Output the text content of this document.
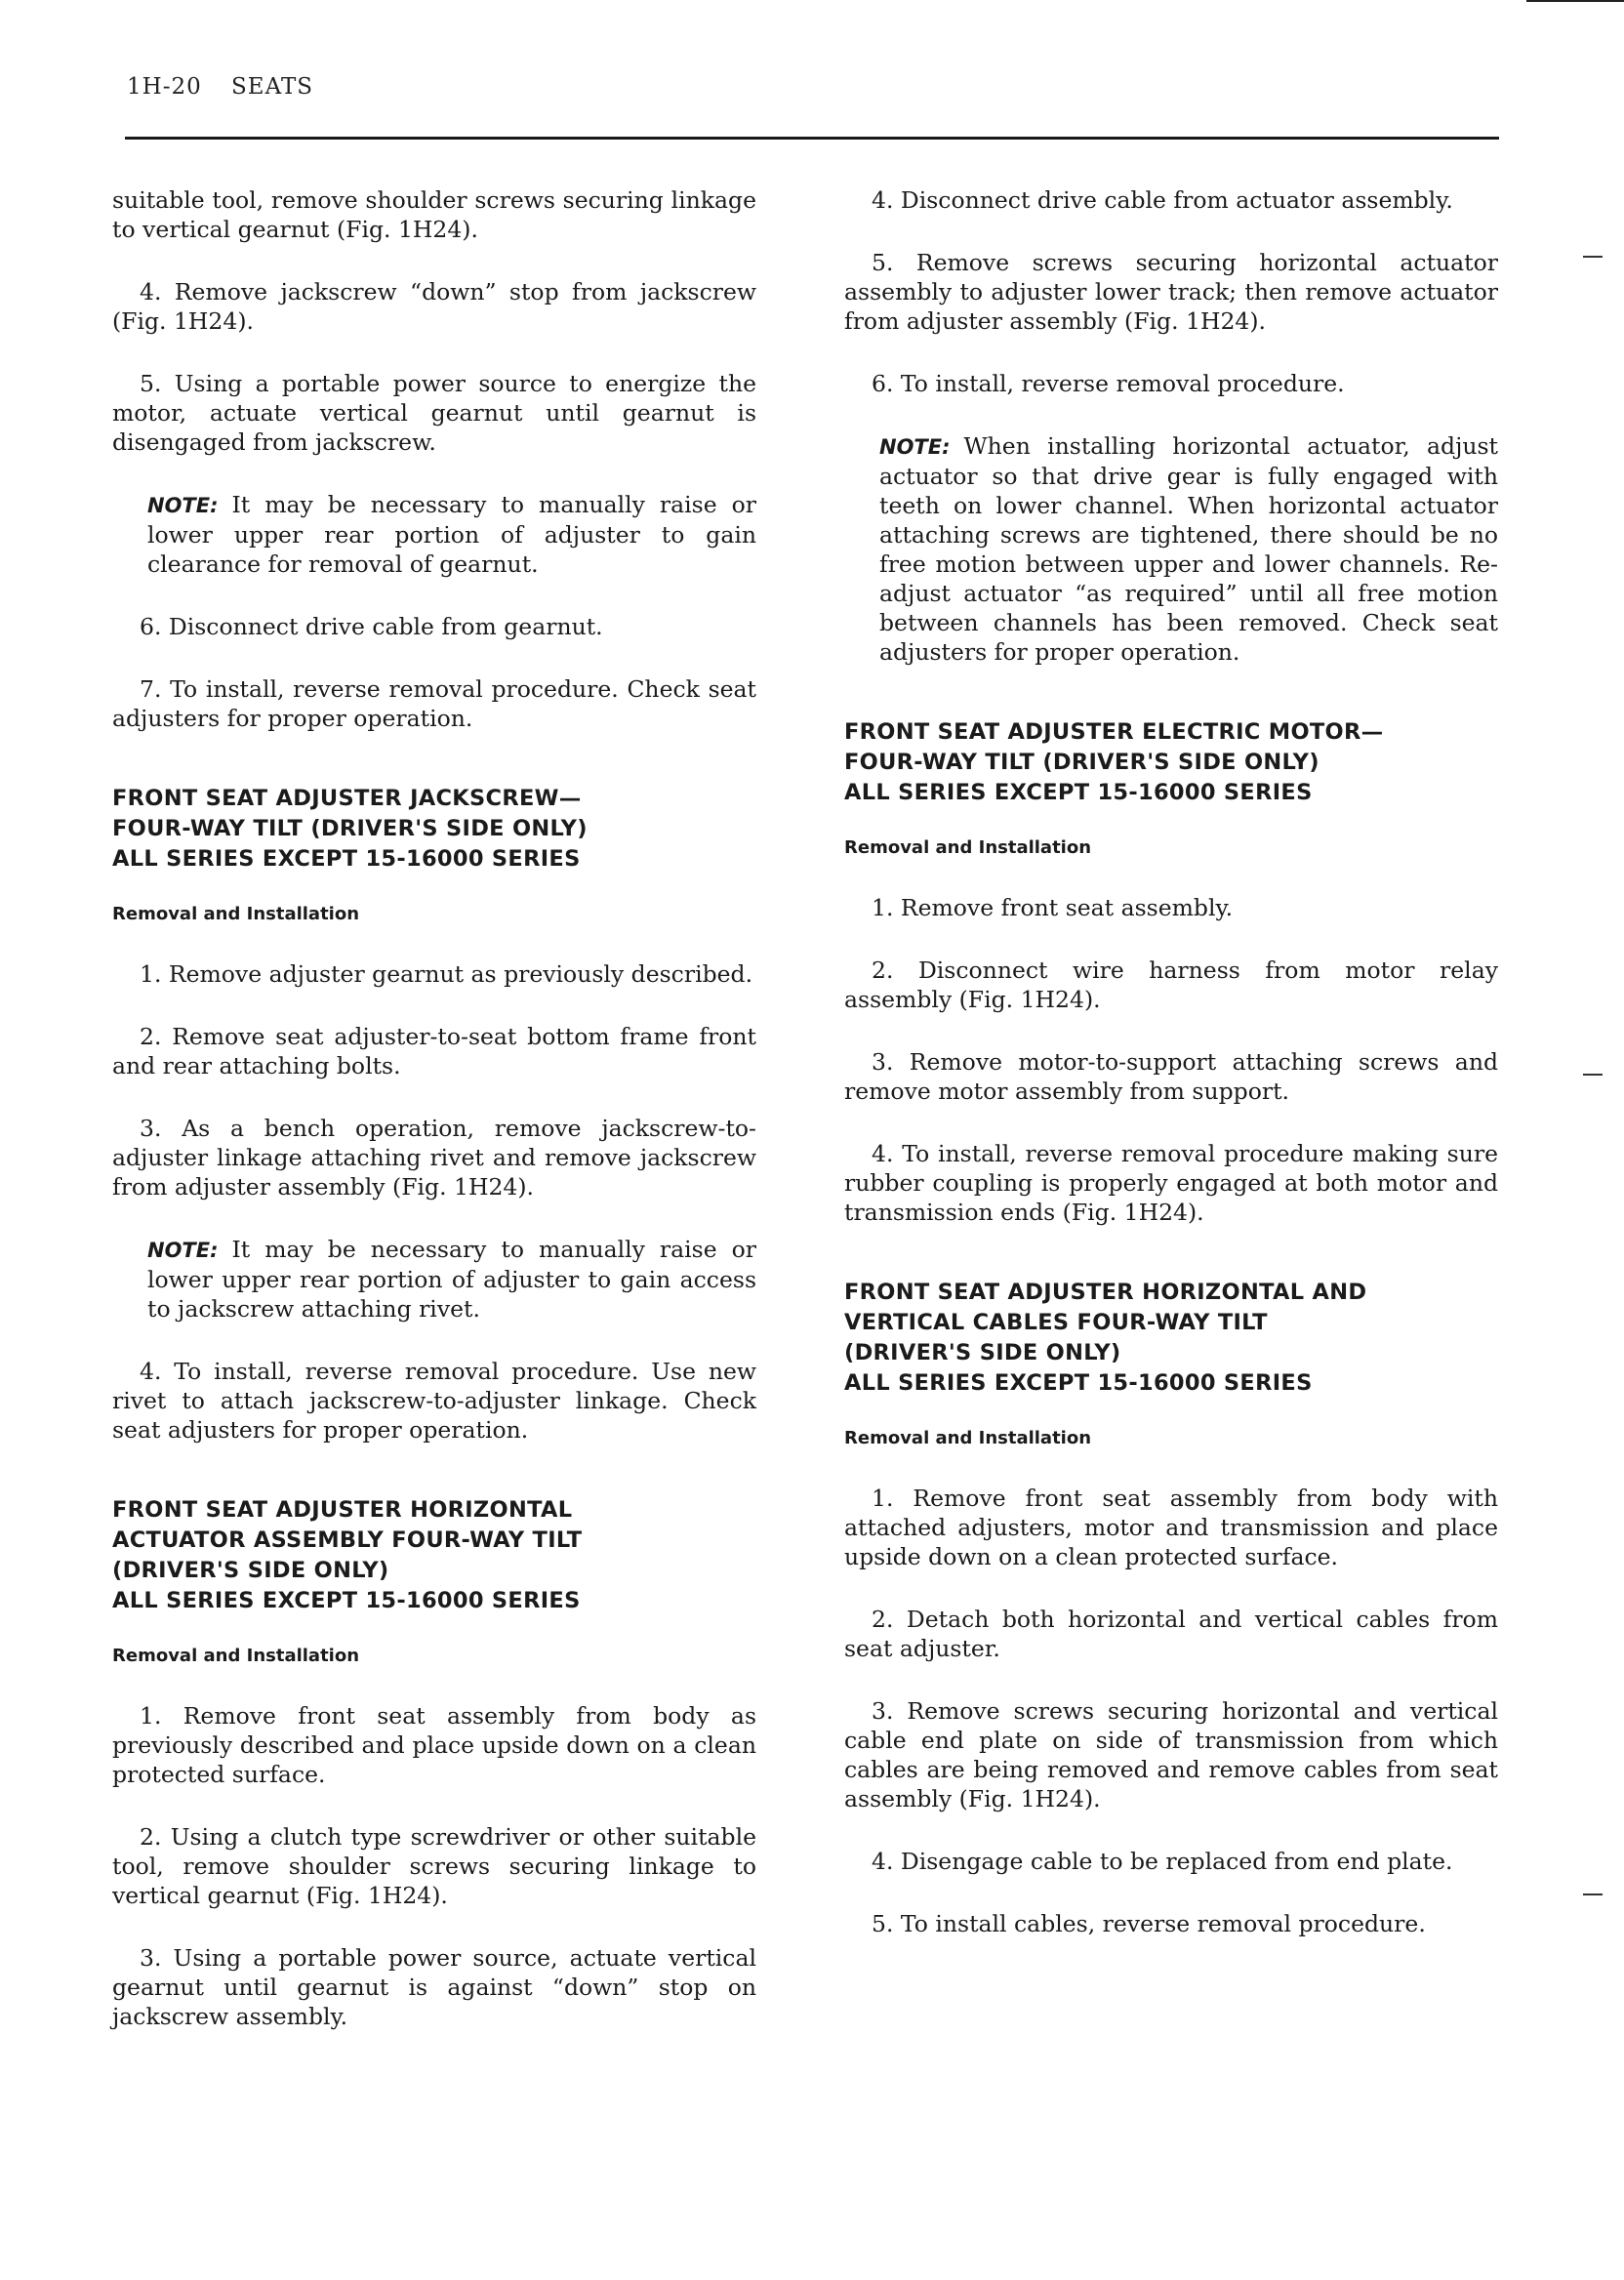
1H-20 SEATS

suitable tool, remove shoulder screws securing linkage to vertical gearnut (Fig. 1H24).

4. Remove jackscrew “down” stop from jackscrew (Fig. 1H24).

5. Using a portable power source to energize the motor, actuate vertical gearnut until gearnut is disengaged from jackscrew.

NOTE: It may be necessary to manually raise or lower upper rear portion of adjuster to gain clearance for removal of gearnut.

6. Disconnect drive cable from gearnut.

7. To install, reverse removal procedure. Check seat adjusters for proper operation.

FRONT SEAT ADJUSTER JACKSCREW—
FOUR-WAY TILT (DRIVER'S SIDE ONLY)
ALL SERIES EXCEPT 15-16000 SERIES
Removal and Installation

1. Remove adjuster gearnut as previously described.

2. Remove seat adjuster-to-seat bottom frame front and rear attaching bolts.

3. As a bench operation, remove jackscrew-to-adjuster linkage attaching rivet and remove jackscrew from adjuster assembly (Fig. 1H24).

NOTE: It may be necessary to manually raise or lower upper rear portion of adjuster to gain access to jackscrew attaching rivet.

4. To install, reverse removal procedure. Use new rivet to attach jackscrew-to-adjuster linkage. Check seat adjusters for proper operation.

FRONT SEAT ADJUSTER HORIZONTAL
ACTUATOR ASSEMBLY FOUR-WAY TILT
(DRIVER'S SIDE ONLY)
ALL SERIES EXCEPT 15-16000 SERIES
Removal and Installation

1. Remove front seat assembly from body as previously described and place upside down on a clean protected surface.

2. Using a clutch type screwdriver or other suitable tool, remove shoulder screws securing linkage to vertical gearnut (Fig. 1H24).

3. Using a portable power source, actuate vertical gearnut until gearnut is against “down” stop on jackscrew assembly.

4. Disconnect drive cable from actuator assembly.

5. Remove screws securing horizontal actuator assembly to adjuster lower track; then remove actuator from adjuster assembly (Fig. 1H24).

6. To install, reverse removal procedure.

NOTE: When installing horizontal actuator, adjust actuator so that drive gear is fully engaged with teeth on lower channel. When horizontal actuator attaching screws are tightened, there should be no free motion between upper and lower channels. Re-adjust actuator “as required” until all free motion between channels has been removed. Check seat adjusters for proper operation.
FRONT SEAT ADJUSTER ELECTRIC MOTOR—
FOUR-WAY TILT (DRIVER'S SIDE ONLY)
ALL SERIES EXCEPT 15-16000 SERIES
Removal and Installation

1. Remove front seat assembly.

2. Disconnect wire harness from motor relay assembly (Fig. 1H24).

3. Remove motor-to-support attaching screws and remove motor assembly from support.

4. To install, reverse removal procedure making sure rubber coupling is properly engaged at both motor and transmission ends (Fig. 1H24).

FRONT SEAT ADJUSTER HORIZONTAL AND
VERTICAL CABLES FOUR-WAY TILT
(DRIVER'S SIDE ONLY)
ALL SERIES EXCEPT 15-16000 SERIES
Removal and Installation

1. Remove front seat assembly from body with attached adjusters, motor and transmission and place upside down on a clean protected surface.

2. Detach both horizontal and vertical cables from seat adjuster.

3. Remove screws securing horizontal and vertical cable end plate on side of transmission from which cables are being removed and remove cables from seat assembly (Fig. 1H24).

4. Disengage cable to be replaced from end plate.

5. To install cables, reverse removal procedure.
